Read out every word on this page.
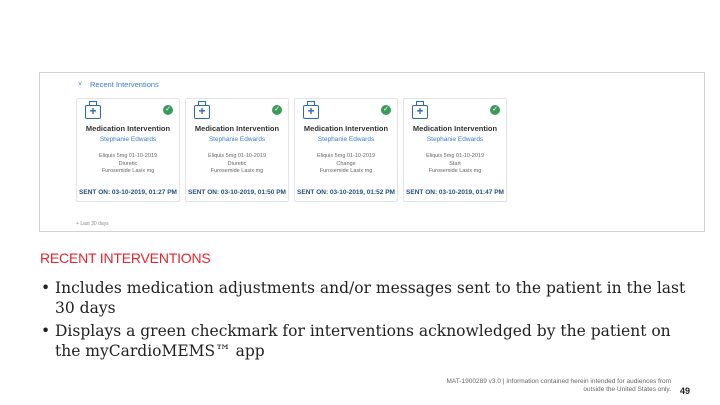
˅ Recent Interventions
+
✓
Medication Intervention
Stephanie Edwards
Eliquis 5mg 01-10-2019
Diuretic
Furosemide Lasix mg
SENT ON: 03-10-2019, 01:27 PM
+
✓
Medication Intervention
Stephanie Edwards
Eliquis 5mg 01-10-2019
Diuretic
Furosemide Lasix mg
SENT ON: 03-10-2019, 01:50 PM
+
✓
Medication Intervention
Stephanie Edwards
Eliquis 5mg 01-10-2019
Change
Furosemide Lasix mg
SENT ON: 03-10-2019, 01:52 PM
+
✓
Medication Intervention
Stephanie Edwards
Eliquis 5mg 01-10-2019
Start
Furosemide Lasix mg
SENT ON: 03-10-2019, 01:47 PM
+ Last 30 days
RECENT INTERVENTIONS
• Includes medication adjustments and/or messages sent to the patient in the last 30 days
• Displays a green checkmark for interventions acknowledged by the patient on the myCardioMEMS™ app
MAT-1900289 v3.0 | Information contained herein intended for audiences from outside the United States only. 49
